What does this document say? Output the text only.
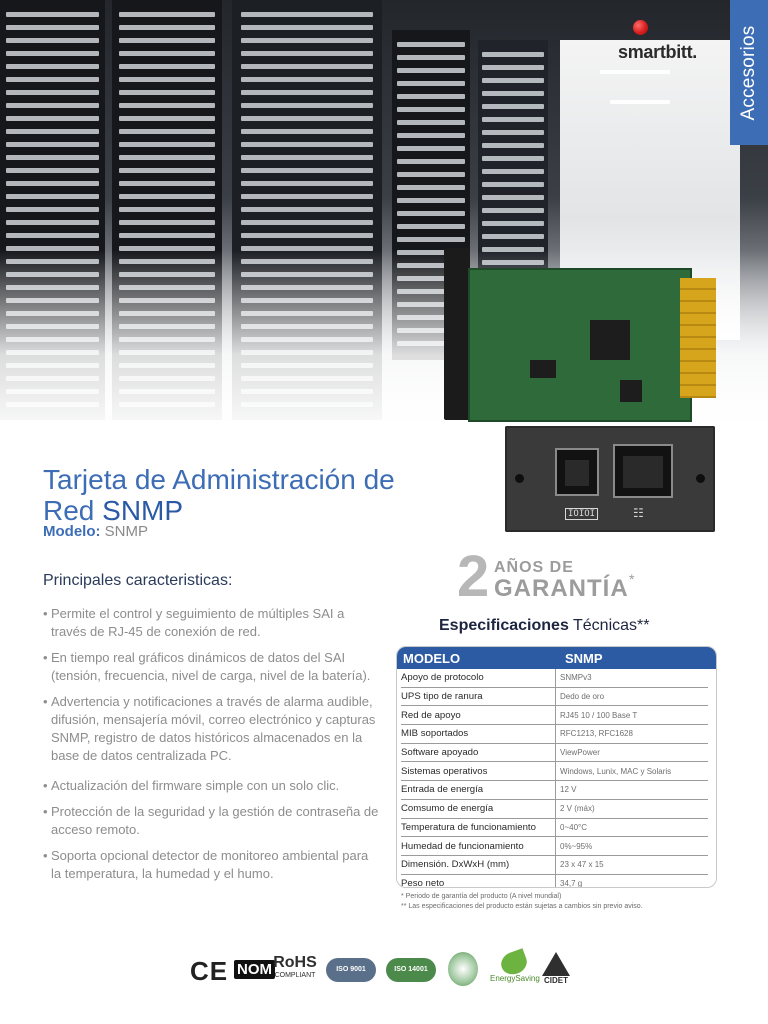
Accesorios
smartbitt.
IOIOI	☷
Tarjeta de Administración de
Red SNMP
Modelo: SNMP
Principales caracteristicas:
• Permite el control y seguimiento de múltiples SAI a través de RJ-45 de conexión de red.
• En tiempo real gráficos dinámicos de datos del SAI (tensión, frecuencia, nivel de carga, nivel de la batería).
• Advertencia y notificaciones a través de alarma audible, difusión, mensajería móvil, correo electrónico y capturas SNMP, registro de datos históricos almacenados en la base de datos centralizada PC.
• Actualización del firmware simple con un solo clic.
• Protección de la seguridad y la gestión de contraseña de acceso remoto.
• Soporta opcional detector de monitoreo ambiental para la temperatura, la humedad y el humo.
2 AÑOS DE
GARANTÍA *
Especificaciones Técnicas**
MODELO	SNMP
Apoyo de protocolo	SNMPv3
UPS tipo de ranura	Dedo de oro
Red de apoyo	RJ45 10 / 100 Base T
MIB soportados	RFC1213, RFC1628
Software apoyado	ViewPower
Sistemas operativos	Windows, Lunix, MAC y Solaris
Entrada de energía	12 V
Comsumo de energía	2 V (máx)
Temperatura de funcionamiento	0~40°C
Humedad de funcionamiento	0%~95%
Dimensión. DxWxH (mm)	23 x 47 x 15
Peso neto	34,7 g
* Periodo de garantía del producto (A nivel mundial)
** Las especificaciones del producto están sujetas a cambios sin previo aviso.
CE NOM RoHS
COMPLIANT
ISO 9001	ISO 14001
EnergySaving CIDET
